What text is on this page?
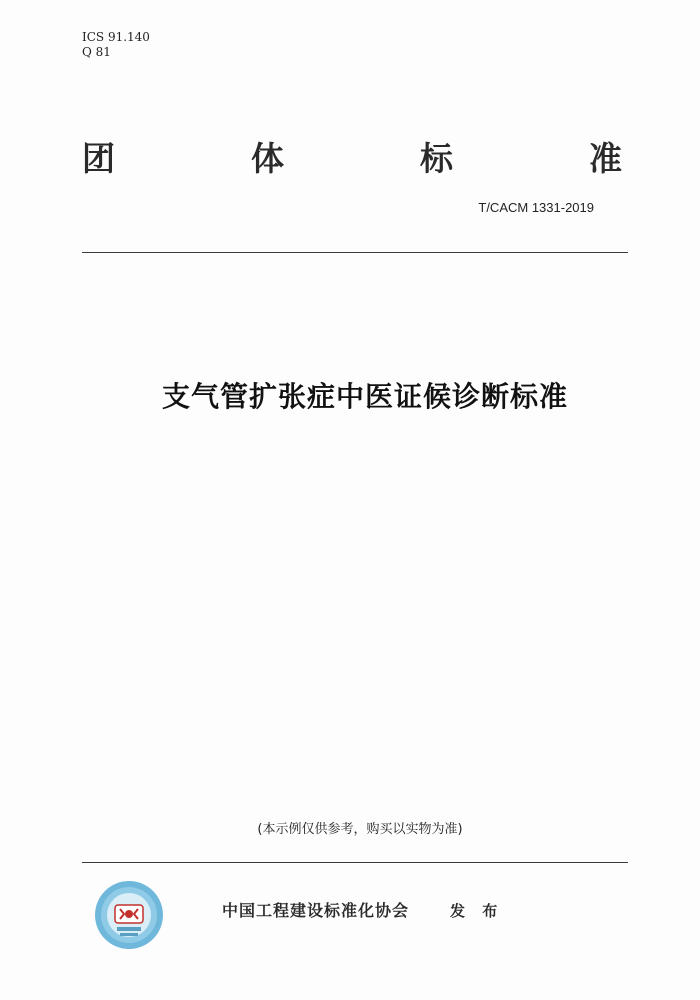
ICS 91.140
Q 81
团	体	标	准
T/CACM 1331-2019
支气管扩张症中医证候诊断标准
(本示例仅供参考，购买以实物为准)
中国工程建设标准化协会	发 布
